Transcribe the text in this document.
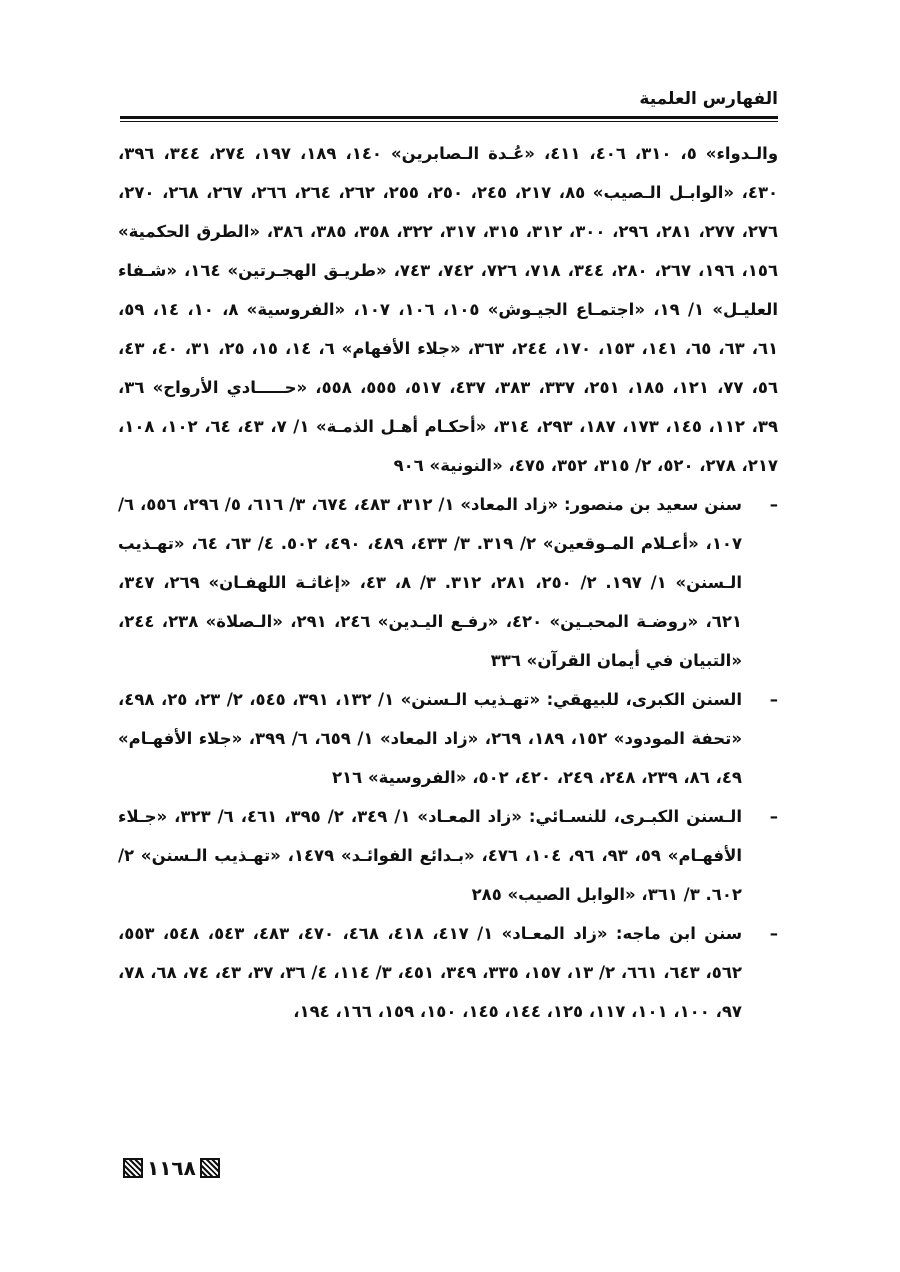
الفهارس العلمية

والـدواء» ٥، ٣١٠، ٤٠٦، ٤١١، «عُـدة الـصابرين» ١٤٠، ١٨٩، ١٩٧، ٢٧٤، ٣٤٤، ٣٩٦، ٤٣٠، «الوابـل الـصيب» ٨٥، ٢١٧، ٢٤٥، ٢٥٠، ٢٥٥، ٢٦٢، ٢٦٤، ٢٦٦، ٢٦٧، ٢٦٨، ٢٧٠، ٢٧٦، ٢٧٧، ٢٨١، ٢٩٦، ٣٠٠، ٣١٢، ٣١٥، ٣١٧، ٣٢٢، ٣٥٨، ٣٨٥، ٣٨٦، «الطرق الحكمية» ١٥٦، ١٩٦، ٢٦٧، ٢٨٠، ٣٤٤، ٧١٨، ٧٢٦، ٧٤٢، ٧٤٣، «طريـق الهجـرتين» ١٦٤، «شـفاء العليـل» ١/ ١٩، «اجتمـاع الجيـوش» ١٠٥، ١٠٦، ١٠٧، «الفروسية» ٨، ١٠، ١٤، ٥٩، ٦١، ٦٣، ٦٥، ١٤١، ١٥٣، ١٧٠، ٢٤٤، ٣٦٣، «جلاء الأفهام» ٦، ١٤، ١٥، ٢٥، ٣١، ٤٠، ٤٣، ٥٦، ٧٧، ١٢١، ١٨٥، ٢٥١، ٣٣٧، ٣٨٣، ٤٣٧، ٥١٧، ٥٥٥، ٥٥٨، «حـــــادي الأرواح» ٣٦، ٣٩، ١١٢، ١٤٥، ١٧٣، ١٨٧، ٢٩٣، ٣١٤، «أحكـام أهـل الذمـة» ١/ ٧، ٤٣، ٦٤، ١٠٢، ١٠٨، ٢١٧، ٢٧٨، ٥٢٠، ٢/ ٣١٥، ٣٥٢، ٤٧٥، «النونية» ٩٠٦

–
سنن سعيد بن منصور: «زاد المعاد» ١/ ٣١٢، ٤٨٣، ٦٧٤، ٣/ ٦١٦، ٥/ ٢٩٦، ٥٥٦، ٦/ ١٠٧، «أعـلام المـوقعين» ٢/ ٣١٩. ٣/ ٤٣٣، ٤٨٩، ٤٩٠، ٥٠٢. ٤/ ٦٣، ٦٤، «تهـذيب الـسنن» ١/ ١٩٧. ٢/ ٢٥٠، ٢٨١، ٣١٢. ٣/ ٨، ٤٣، «إغاثـة اللهفـان» ٢٦٩، ٣٤٧، ٦٢١، «روضـة المحبـين» ٤٢٠، «رفـع اليـدين» ٢٤٦، ٢٩١، «الـصلاة» ٢٣٨، ٢٤٤، «التبيان في أيمان القرآن» ٣٣٦
–
السنن الكبرى، للبيهقي: «تهـذيب الـسنن» ١/ ١٣٢، ٣٩١، ٥٤٥، ٢/ ٢٣، ٢٥، ٤٩٨، «تحفة المودود» ١٥٢، ١٨٩، ٢٦٩، «زاد المعاد» ١/ ٦٥٩، ٦/ ٣٩٩، «جلاء الأفهـام» ٤٩، ٨٦، ٢٣٩، ٢٤٨، ٢٤٩، ٤٢٠، ٥٠٢، «الفروسية» ٢١٦
–
الـسنن الكبـرى، للنسـائي: «زاد المعـاد» ١/ ٣٤٩، ٢/ ٣٩٥، ٤٦١، ٦/ ٣٢٣، «جـلاء الأفهـام» ٥٩، ٩٣، ٩٦، ١٠٤، ٤٧٦، «بـدائع الفوائـد» ١٤٧٩، «تهـذيب الـسنن» ٢/ ٦٠٢. ٣/ ٣٦١، «الوابل الصيب» ٢٨٥
–
سنن ابن ماجه: «زاد المعـاد» ١/ ٤١٧، ٤١٨، ٤٦٨، ٤٧٠، ٤٨٣، ٥٤٣، ٥٤٨، ٥٥٣، ٥٦٢، ٦٤٣، ٦٦١، ٢/ ١٣، ١٥٧، ٣٣٥، ٣٤٩، ٤٥١، ٣/ ١١٤، ٤/ ٣٦، ٣٧، ٤٣، ٧٤، ٦٨، ٧٨، ٩٧، ١٠٠، ١٠١، ١١٧، ١٢٥، ١٤٤، ١٤٥، ١٥٠، ١٥٩، ١٦٦، ١٩٤،
١١٦٨
